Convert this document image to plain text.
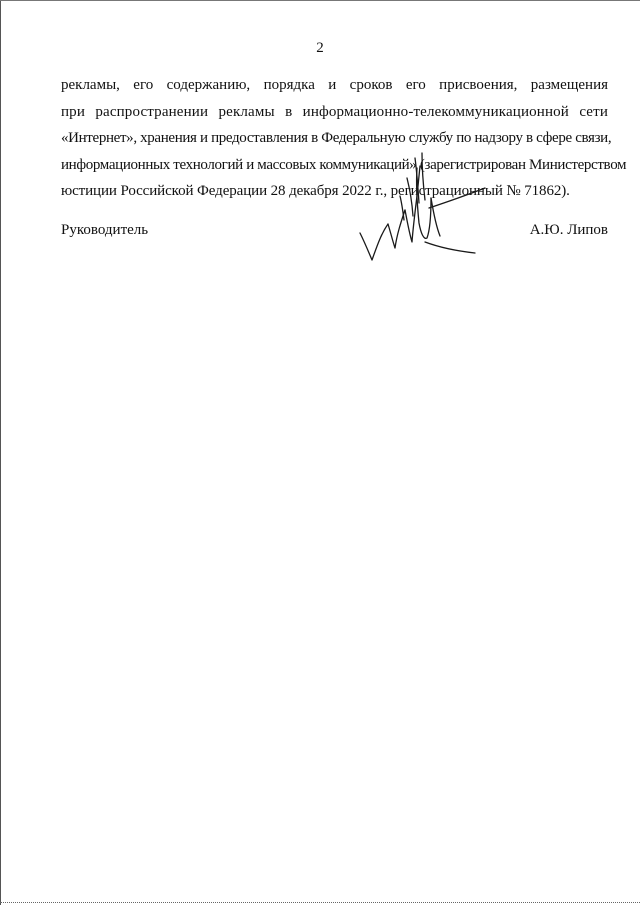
2
рекламы, его содержанию, порядка и сроков его присвоения, размещения
при распространении рекламы в информационно-телекоммуникационной сети
«Интернет», хранения и предоставления в Федеральную службу по надзору в сфере связи,
информационных технологий и массовых коммуникаций» (зарегистрирован Министерством
юстиции Российской Федерации 28 декабря 2022 г., регистрационный № 71862).
Руководитель	А.Ю. Липов
